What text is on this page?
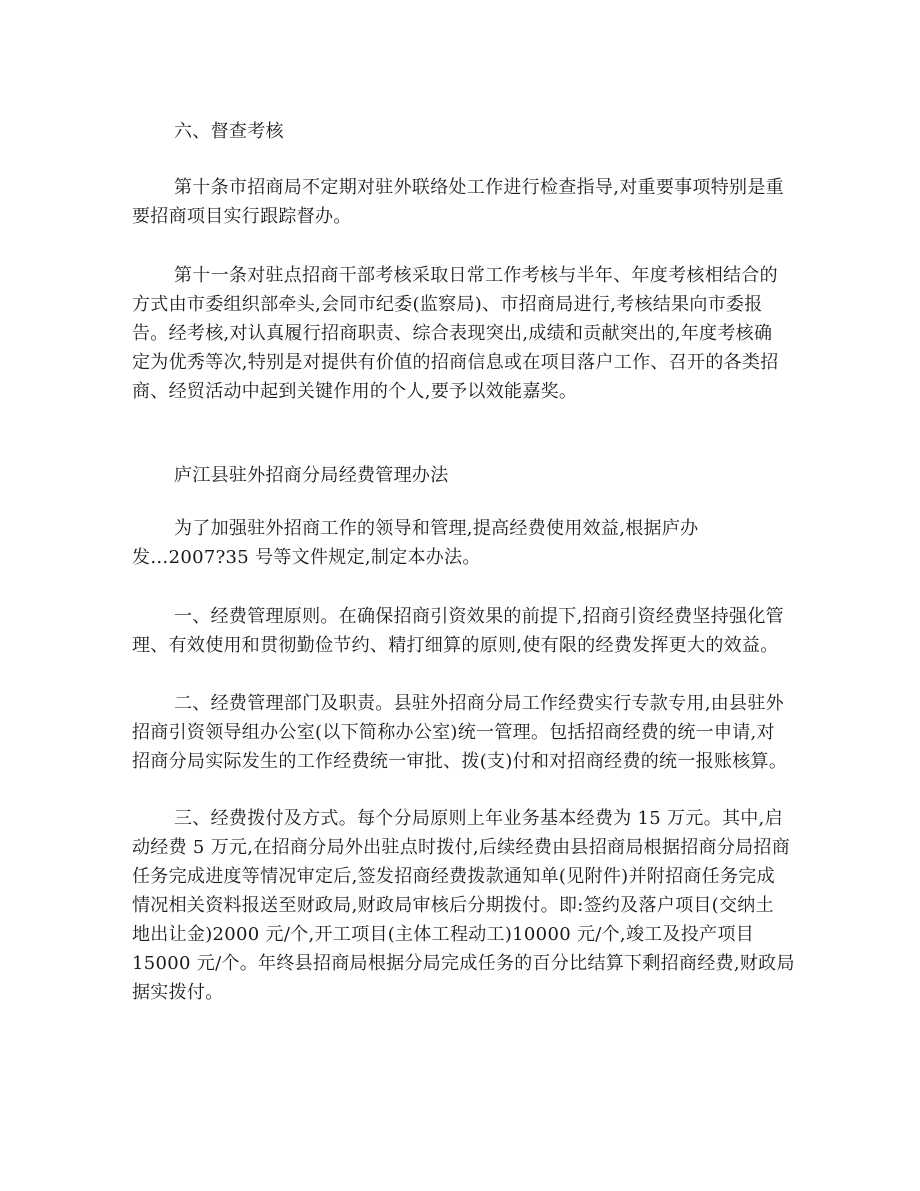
六、督查考核
第十条市招商局不定期对驻外联络处工作进行检查指导,对重要事项特别是重
要招商项目实行跟踪督办。
第十一条对驻点招商干部考核采取日常工作考核与半年、年度考核相结合的
方式由市委组织部牵头,会同市纪委(监察局)、市招商局进行,考核结果向市委报
告。经考核,对认真履行招商职责、综合表现突出,成绩和贡献突出的,年度考核确
定为优秀等次,特别是对提供有价值的招商信息或在项目落户工作、召开的各类招
商、经贸活动中起到关键作用的个人,要予以效能嘉奖。
庐江县驻外招商分局经费管理办法
为了加强驻外招商工作的领导和管理,提高经费使用效益,根据庐办
发…2007?35 号等文件规定,制定本办法。
一、经费管理原则。在确保招商引资效果的前提下,招商引资经费坚持强化管
理、有效使用和贯彻勤俭节约、精打细算的原则,使有限的经费发挥更大的效益。
二、经费管理部门及职责。县驻外招商分局工作经费实行专款专用,由县驻外
招商引资领导组办公室(以下简称办公室)统一管理。包括招商经费的统一申请,对
招商分局实际发生的工作经费统一审批、拨(支)付和对招商经费的统一报账核算。
三、经费拨付及方式。每个分局原则上年业务基本经费为 15 万元。其中,启
动经费 5 万元,在招商分局外出驻点时拨付,后续经费由县招商局根据招商分局招商
任务完成进度等情况审定后,签发招商经费拨款通知单(见附件)并附招商任务完成
情况相关资料报送至财政局,财政局审核后分期拨付。即:签约及落户项目(交纳土
地出让金)2000 元/个,开工项目(主体工程动工)10000 元/个,竣工及投产项目
15000 元/个。年终县招商局根据分局完成任务的百分比结算下剩招商经费,财政局
据实拨付。
